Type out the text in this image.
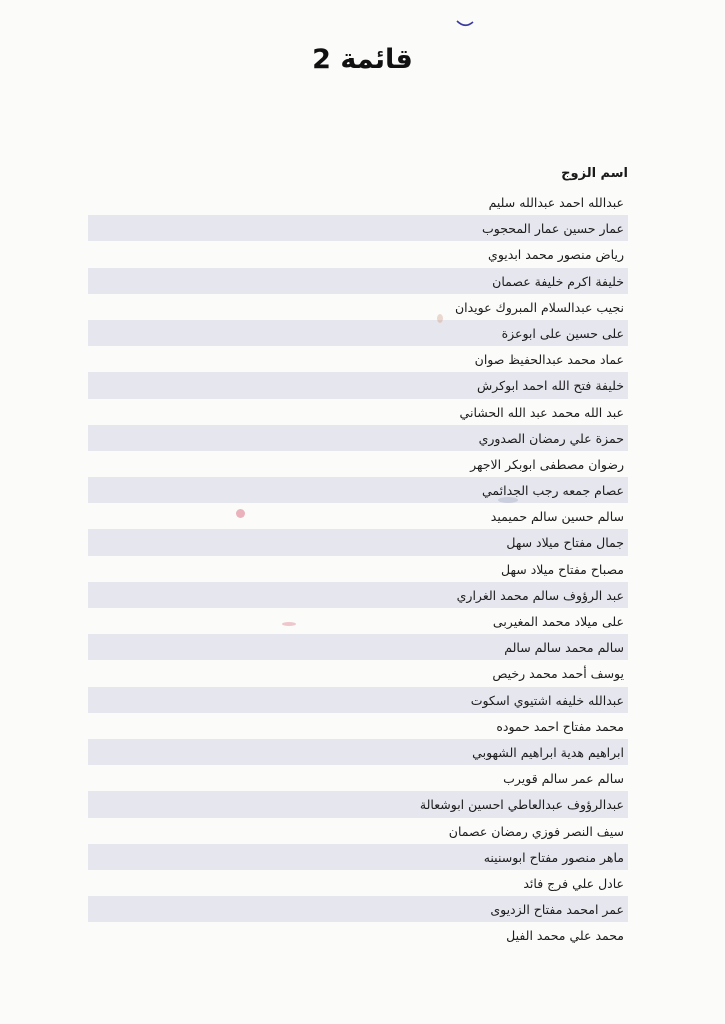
قائمة 2
اسم الزوج
عبدالله احمد عبدالله سليم
عمار حسين عمار المحجوب
رياض منصور محمد ابديوي
خليفة اكرم خليفة عصمان
نجيب عبدالسلام المبروك عويدان
على حسين على ابوعزة
عماد محمد عبدالحفيظ صوان
خليفة فتح الله احمد ابوكرش
عبد الله محمد عبد الله الحشاني
حمزة علي رمضان الصدوري
رضوان مصطفى ابوبكر الاجهر
عصام جمعه رجب الجدائمي
سالم حسين سالم حميميد
جمال مفتاح ميلاد سهل
مصباح مفتاح ميلاد سهل
عبد الرؤوف سالم محمد الغراري
على ميلاد محمد المغيربى
سالم محمد سالم سالم
يوسف أحمد محمد رخيص
عبدالله خليفه اشتيوي اسكوت
محمد مفتاح احمد حموده
ابراهيم هدية ابراهيم الشهوبي
سالم عمر سالم قويرب
عبدالرؤوف عبدالعاطي احسين ابوشعالة
سيف النصر فوزي رمضان عصمان
ماهر منصور مفتاح ابوسنينه
عادل علي فرج فائد
عمر امحمد مفتاح الزديوى
محمد علي محمد الفيل
